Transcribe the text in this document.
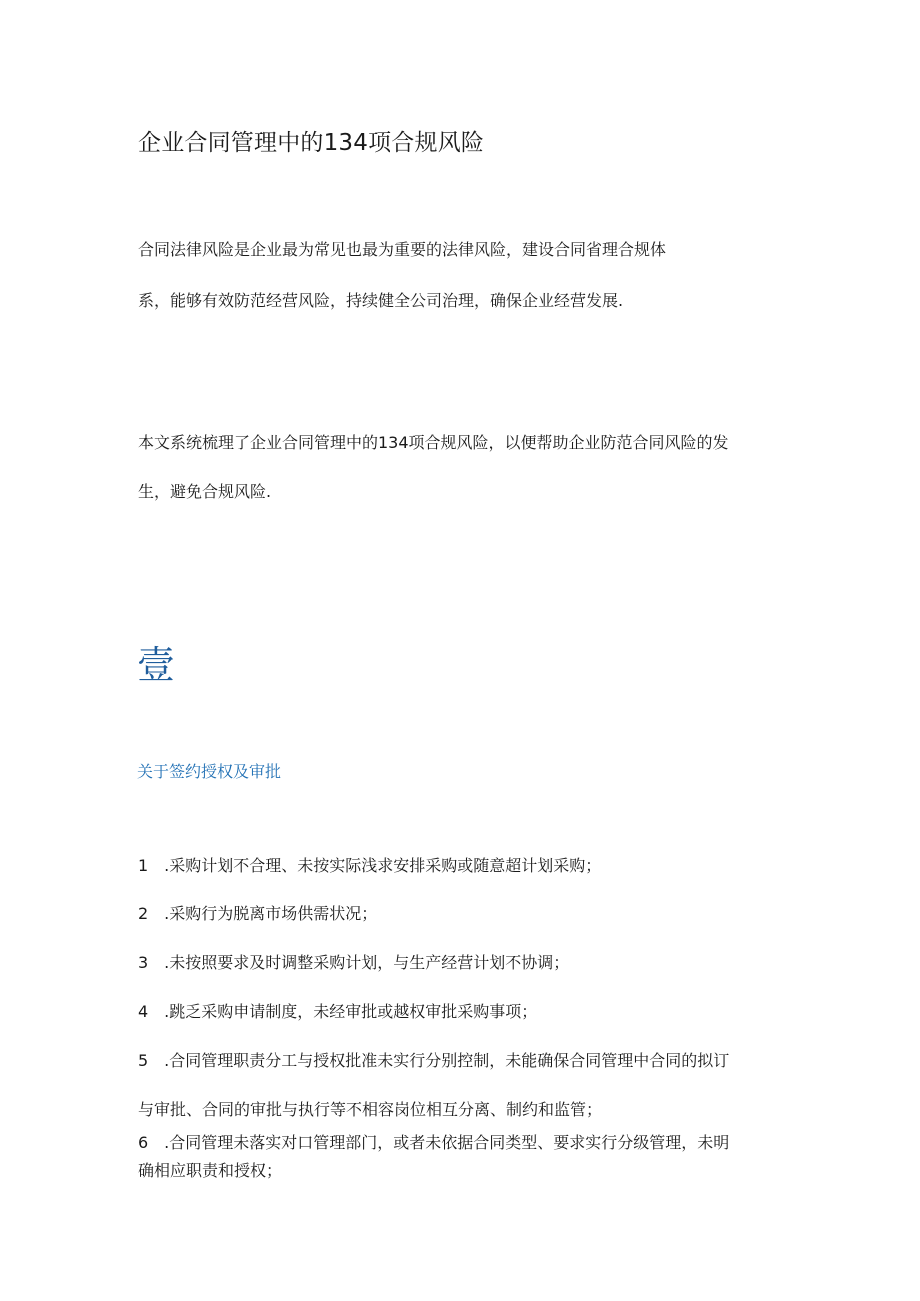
企业合同管理中的134项合规风险

合同法律风险是企业最为常见也最为重要的法律风险，建设合同省理合规体

系，能够有效防范经营风险，持续健全公司治理，确保企业经营发展.

本文系统梳理了企业合同管理中的134项合规风险，以便帮助企业防范合同风险的发

生，避免合规风险.

壹
关于签约授权及审批

1　.采购计划不合理、未按实际浅求安排采购或随意超计划采购；

2　.采购行为脱离市场供需状况；

3　.未按照要求及时调整采购计划，与生产经营计划不协调；

4　.跳乏采购申请制度，未经审批或越权审批采购事项；

5　.合同管理职责分工与授权批准未实行分别控制，未能确保合同管理中合同的拟订

与审批、合同的审批与执行等不相容岗位相互分离、制约和监管；

6　.合同管理未落实对口管理部门，或者未依据合同类型、要求实行分级管理，未明

确相应职责和授权；
